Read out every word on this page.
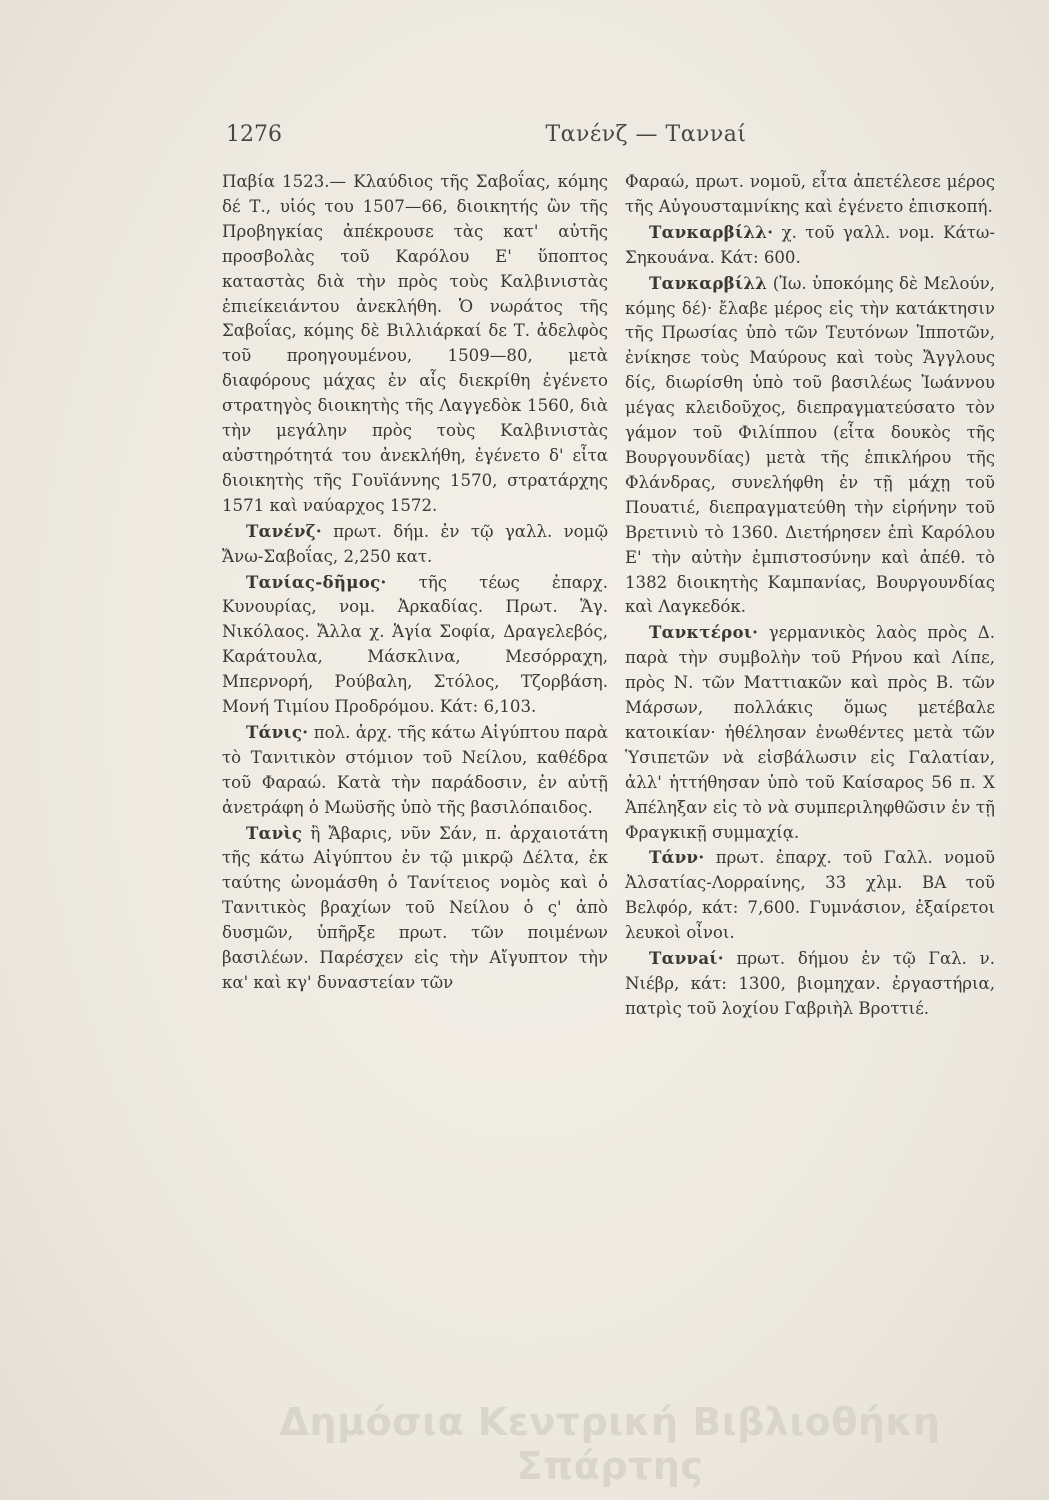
1276	Τανένζ — Ταννaί

Παβία 1523.— Κλαύδιος τῆς Σαβοΐας, κόμης δέ Τ., υἱός του 1507—66, διοικητής ὢν τῆς Προβηγκίας ἀπέκρουσε τὰς κατ' αὐτῆς προσβολὰς τοῦ Καρόλου Ε' ὕποπτος καταστὰς διὰ τὴν πρὸς τοὺς Καλβινιστὰς ἐπιείκειάντου ἀνεκλήθη. Ὁ νωράτος τῆς Σαβοΐας, κόμης δὲ Βιλλιάρκαί δε Τ. ἀδελφὸς τοῦ προηγουμένου, 1509—80, μετὰ διαφόρους μάχας ἐν αἷς διεκρίθη ἐγένετο στρατηγὸς διοικητὴς τῆς Λαγγεδὸκ 1560, διὰ τὴν μεγάλην πρὸς τοὺς Καλβινιστὰς αὐστηρότητά του ἀνεκλήθη, ἐγένετο δ' εἶτα διοικητὴς τῆς Γουϊάννης 1570, στρατάρχης 1571 καὶ ναύαρχος 1572.

Τανένζ· πρωτ. δήμ. ἐν τῷ γαλλ. νομῷ Ἄνω-Σαβοΐας, 2,250 κατ.

Τανίας-δῆμος· τῆς τέως ἐπαρχ. Κυνουρίας, νομ. Ἀρκαδίας. Πρωτ. Ἅγ. Νικόλαος. Ἄλλα χ. Ἁγία Σοφία, Δραγελεβός, Καράτουλα, Μάσκλινα, Μεσόρραχη, Μπερνορή, Ρούβαλη, Στόλος, Τζορβάση. Μονή Τιμίου Προδρόμου. Κάτ: 6,103.

Τάνις· πολ. ἀρχ. τῆς κάτω Αἰγύπτου παρὰ τὸ Τανιτικὸν στόμιον τοῦ Νείλου, καθέδρα τοῦ Φαραώ. Κατὰ τὴν παράδοσιν, ἐν αὐτῇ ἀνετράφη ὁ Μωϋσῆς ὑπὸ τῆς βασιλόπαιδος.

Τανὶς ἢ Ἄβαρις, νῦν Σάν, π. ἀρχαιοτάτη τῆς κάτω Αἰγύπτου ἐν τῷ μικρῷ Δέλτα, ἐκ ταύτης ὠνομάσθη ὁ Τανίτειος νομὸς καὶ ὁ Τανιτικὸς βραχίων τοῦ Νείλου ὁ ς' ἀπὸ δυσμῶν, ὑπῆρξε πρωτ. τῶν ποιμένων βασιλέων. Παρέσχεν εἰς τὴν Αἴγυπτον τὴν κα' καὶ κγ' δυναστείαν τῶν

Φαραώ, πρωτ. νομοῦ, εἶτα ἀπετέλεσε μέρος τῆς Αὐγουσταμνίκης καὶ ἐγένετο ἐπισκοπή.

Τανκαρβίλλ· χ. τοῦ γαλλ. νομ. Κάτω-Σηκουάνα. Κάτ: 600.

Τανκαρβίλλ (Ἰω. ὑποκόμης δὲ Μελούν, κόμης δέ)· ἔλαβε μέρος εἰς τὴν κατάκτησιν τῆς Πρωσίας ὑπὸ τῶν Τευτόνων Ἱπποτῶν, ἐνίκησε τοὺς Μαύρους καὶ τοὺς Ἄγγλους δίς, διωρίσθη ὑπὸ τοῦ βασιλέως Ἰωάννου μέγας κλειδοῦχος, διεπραγματεύσατο τὸν γάμον τοῦ Φιλίππου (εἶτα δουκὸς τῆς Βουργουνδίας) μετὰ τῆς ἐπικλήρου τῆς Φλάνδρας, συνελήφθη ἐν τῇ μάχῃ τοῦ Πουατιέ, διεπραγματεύθη τὴν εἰρήνην τοῦ Βρετινιὺ τὸ 1360. Διετήρησεν ἐπὶ Καρόλου Ε' τὴν αὐτὴν ἐμπιστοσύνην καὶ ἀπέθ. τὸ 1382 διοικητὴς Καμπανίας, Βουργουνδίας καὶ Λαγκεδόκ.

Τανκτέροι· γερμανικὸς λαὸς πρὸς Δ. παρὰ τὴν συμβολὴν τοῦ Ρήνου καὶ Λίπε, πρὸς Ν. τῶν Ματτιακῶν καὶ πρὸς Β. τῶν Μάρσων, πολλάκις ὅμως μετέβαλε κατοικίαν· ἠθέλησαν ἑνωθέντες μετὰ τῶν Ὑσιπετῶν νὰ εἰσβάλωσιν εἰς Γαλατίαν, ἀλλ' ἡττήθησαν ὑπὸ τοῦ Καίσαρος 56 π. Χ Ἀπέληξαν εἰς τὸ νὰ συμπεριληφθῶσιν ἐν τῇ Φραγκικῇ συμμαχίᾳ.

Τάνν· πρωτ. ἐπαρχ. τοῦ Γαλλ. νομοῦ Ἀλσατίας-Λορραίνης, 33 χλμ. ΒΑ τοῦ Βελφόρ, κάτ: 7,600. Γυμνάσιον, ἐξαίρετοι λευκοὶ οἶνοι.

Ταννaί· πρωτ. δήμου ἐν τῷ Γαλ. ν. Νιέβρ, κάτ: 1300, βιομηχαν. ἐργαστήρια, πατρὶς τοῦ λοχίου Γαβριὴλ Βροττιέ.

Δημόσια Κεντρική Βιβλιοθήκη Σπάρτης
